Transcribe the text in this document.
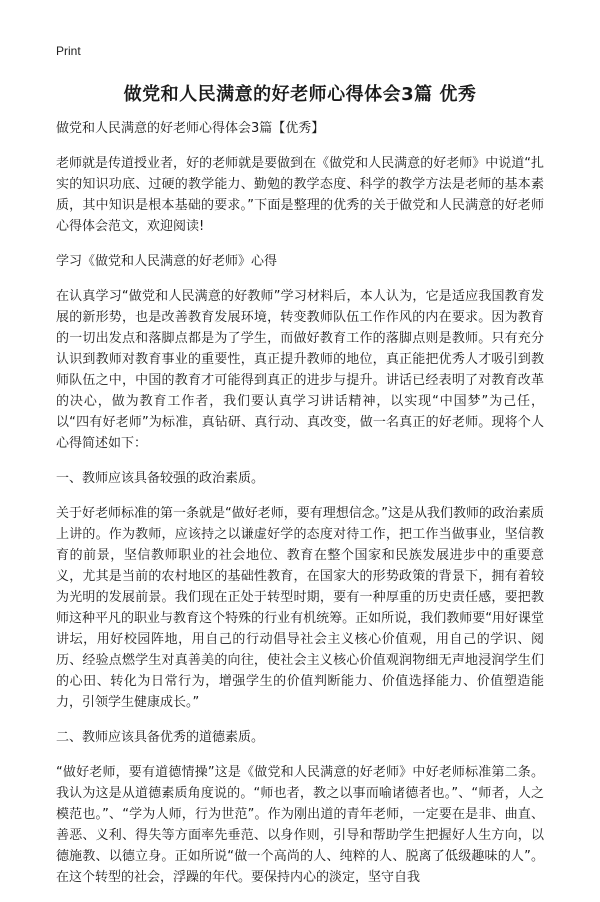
Print
做党和人民满意的好老师心得体会3篇 优秀

做党和人民满意的好老师心得体会3篇【优秀】

老师就是传道授业者，好的老师就是要做到在《做党和人民满意的好老师》中说道“扎实的知识功底、过硬的教学能力、勤勉的教学态度、科学的教学方法是老师的基本素质，其中知识是根本基础的要求。”下面是整理的优秀的关于做党和人民满意的好老师心得体会范文，欢迎阅读!

学习《做党和人民满意的好老师》心得

在认真学习“做党和人民满意的好教师”学习材料后，本人认为，它是适应我国教育发展的新形势，也是改善教育发展环境，转变教师队伍工作作风的内在要求。因为教育的一切出发点和落脚点都是为了学生，而做好教育工作的落脚点则是教师。只有充分认识到教师对教育事业的重要性，真正提升教师的地位，真正能把优秀人才吸引到教师队伍之中，中国的教育才可能得到真正的进步与提升。讲话已经表明了对教育改革的决心，做为教育工作者，我们要认真学习讲话精神，以实现“中国梦”为己任，以“四有好老师”为标准，真钻研、真行动、真改变，做一名真正的好老师。现将个人心得简述如下：

一、教师应该具备较强的政治素质。

关于好老师标准的第一条就是“做好老师，要有理想信念。”这是从我们教师的政治素质上讲的。作为教师，应该持之以谦虚好学的态度对待工作，把工作当做事业，坚信教育的前景，坚信教师职业的社会地位、教育在整个国家和民族发展进步中的重要意义，尤其是当前的农村地区的基础性教育，在国家大的形势政策的背景下，拥有着较为光明的发展前景。我们现在正处于转型时期，要有一种厚重的历史责任感，要把教师这种平凡的职业与教育这个特殊的行业有机统筹。正如所说，我们教师要“用好课堂讲坛，用好校园阵地，用自己的行动倡导社会主义核心价值观，用自己的学识、阅历、经验点燃学生对真善美的向往，使社会主义核心价值观润物细无声地浸润学生们的心田、转化为日常行为，增强学生的价值判断能力、价值选择能力、价值塑造能力，引领学生健康成长。”

二、教师应该具备优秀的道德素质。

“做好老师，要有道德情操”这是《做党和人民满意的好老师》中好老师标准第二条。我认为这是从道德素质角度说的。“师也者，教之以事而喻诸德者也。”、“师者，人之模范也。”、“学为人师，行为世范”。作为刚出道的青年老师，一定要在是非、曲直、善恶、义利、得失等方面率先垂范、以身作则，引导和帮助学生把握好人生方向，以德施教、以德立身。正如所说“做一个高尚的人、纯粹的人、脱离了低级趣味的人”。在这个转型的社会，浮躁的年代。要保持内心的淡定，坚守自我
